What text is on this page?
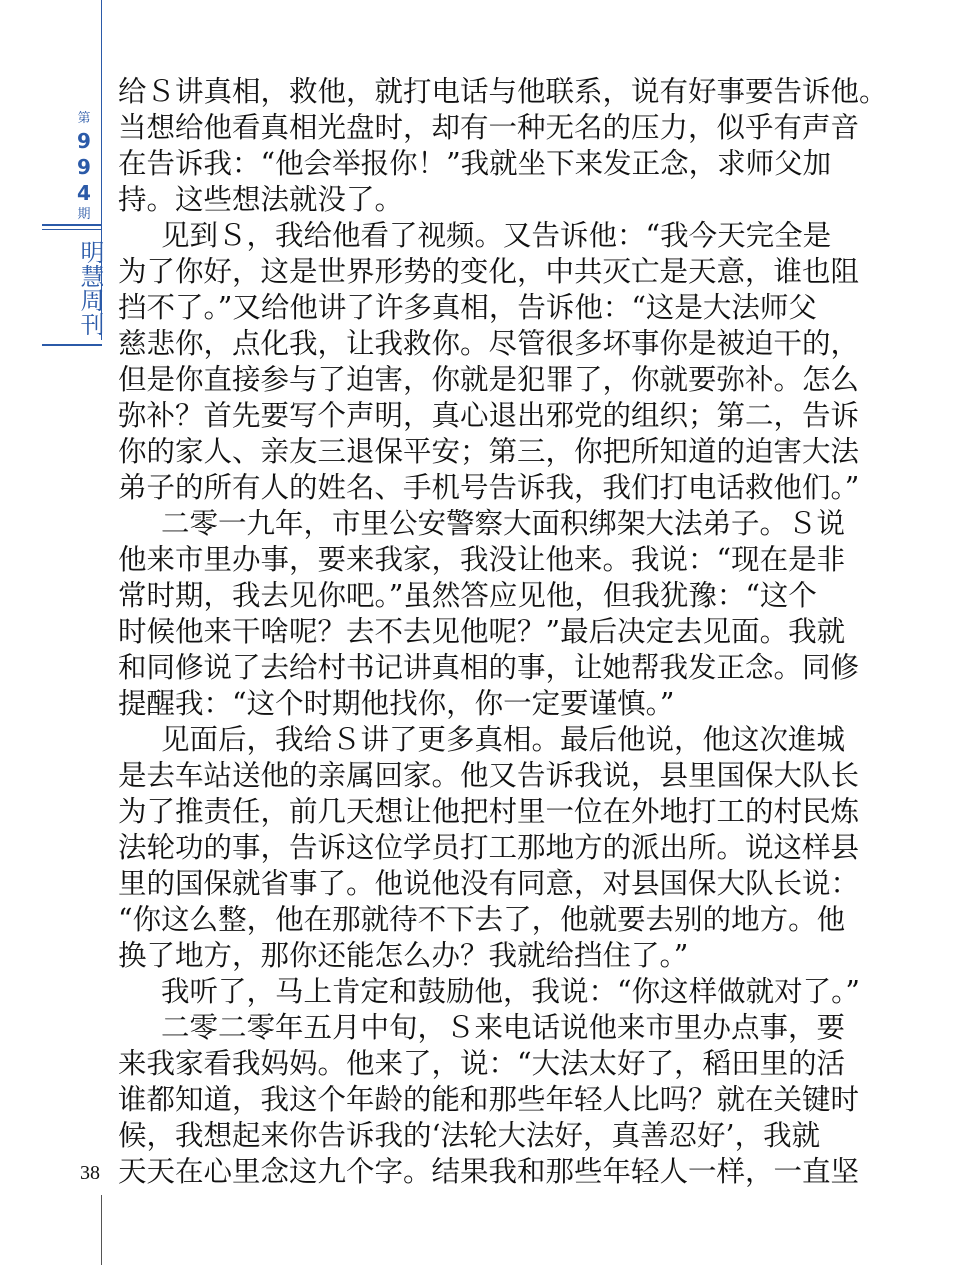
第
9
9
4
期
明慧周刊
给Ｓ讲真相，救他，就打电话与他联系，说有好事要告诉他。
当想给他看真相光盘时，却有一种无名的压力，似乎有声音
在告诉我：“他会举报你！”我就坐下来发正念，求师父加
持。这些想法就没了。
见到Ｓ，我给他看了视频。又告诉他：“我今天完全是
为了你好，这是世界形势的变化，中共灭亡是天意，谁也阻
挡不了。”又给他讲了许多真相，告诉他：“这是大法师父
慈悲你，点化我，让我救你。尽管很多坏事你是被迫干的，
但是你直接参与了迫害，你就是犯罪了，你就要弥补。怎么
弥补？首先要写个声明，真心退出邪党的组织；第二，告诉
你的家人、亲友三退保平安；第三，你把所知道的迫害大法
弟子的所有人的姓名、手机号告诉我，我们打电话救他们。”
二零一九年，市里公安警察大面积绑架大法弟子。Ｓ说
他来市里办事，要来我家，我没让他来。我说：“现在是非
常时期，我去见你吧。”虽然答应见他，但我犹豫：“这个
时候他来干啥呢？去不去见他呢？”最后决定去见面。我就
和同修说了去给村书记讲真相的事，让她帮我发正念。同修
提醒我：“这个时期他找你，你一定要谨慎。”
见面后，我给Ｓ讲了更多真相。最后他说，他这次進城
是去车站送他的亲属回家。他又告诉我说，县里国保大队长
为了推责任，前几天想让他把村里一位在外地打工的村民炼
法轮功的事，告诉这位学员打工那地方的派出所。说这样县
里的国保就省事了。他说他没有同意，对县国保大队长说：
“你这么整，他在那就待不下去了，他就要去别的地方。他
换了地方，那你还能怎么办？我就给挡住了。”
我听了，马上肯定和鼓励他，我说：“你这样做就对了。”
二零二零年五月中旬，Ｓ来电话说他来市里办点事，要
来我家看我妈妈。他来了，说：“大法太好了，稻田里的活
谁都知道，我这个年龄的能和那些年轻人比吗？就在关键时
候，我想起来你告诉我的‘法轮大法好，真善忍好’，我就
天天在心里念这九个字。结果我和那些年轻人一样，一直坚
38
